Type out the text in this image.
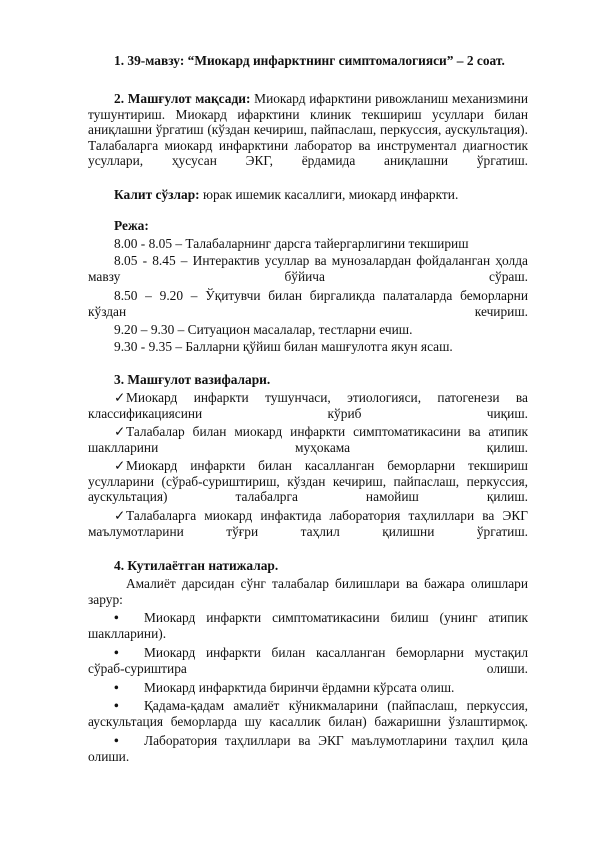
1. 39-мавзу: “Миокард инфарктнинг симптомалогияси” – 2 соат.
2. Машғулот мақсади: Миокард ифарктини ривожланиш механизмини тушунтириш. Миокард ифарктини клиник текшириш усуллари билан аниқлашни ўргатиш (кўздан кечириш, пайпаслаш, перкуссия, аускультация). Талабаларга миокард инфарктини лаборатор ва инструментал диагностик усуллари, ҳусусан ЭКГ, ёрдамида аниқлашни ўргатиш.
Калит сўзлар: юрак ишемик касаллиги, миокард инфаркти.
Режа:
8.00 - 8.05 – Талабаларнинг дарсга тайергарлигини текшириш
8.05 - 8.45 – Интерактив усуллар ва мунозалардан фойдаланган ҳолда мавзу бўйича сўраш.
8.50 – 9.20 – Ўқитувчи билан биргаликда палаталарда беморларни кўздан кечириш.
9.20 – 9.30 – Ситуацион масалалар, тестларни ечиш.
9.30 - 9.35 – Балларни қўйиш билан машғулотга якун ясаш.
3. Машғулот вазифалари.
✓ Миокард инфаркти тушунчаси, этиологияси, патогенези ва классификациясини кўриб чиқиш.
✓ Талабалар билан миокард инфаркти симптоматикасини ва атипик шаклларини муҳокама қилиш.
✓ Миокард инфаркти билан касалланган беморларни текшириш усулларини (сўраб-суриштириш, кўздан кечириш, пайпаслаш, перкуссия, аускультация) талабалрга намойиш қилиш.
✓ Талабаларга миокард инфактида лаборатория таҳлиллари ва ЭКГ маълумотларини тўғри таҳлил қилишни ўргатиш.
4. Кутилаётган натижалар.
Амалиёт дарсидан сўнг талабалар билишлари ва бажара олишлари зарур:
• Миокард инфаркти симптоматикасини билиш (унинг атипик шаклларини).
• Миокард инфаркти билан касалланган беморларни мустақил сўраб-суриштира олиши.
• Миокард инфарктида биринчи ёрдамни кўрсата олиш.
• Қадама-қадам амалиёт кўникмаларини (пайпаслаш, перкуссия, аускультация беморларда шу касаллик билан) бажаришни ўзлаштирмоқ.
• Лаборатория таҳлиллари ва ЭКГ маълумотларини таҳлил қила олиши.
